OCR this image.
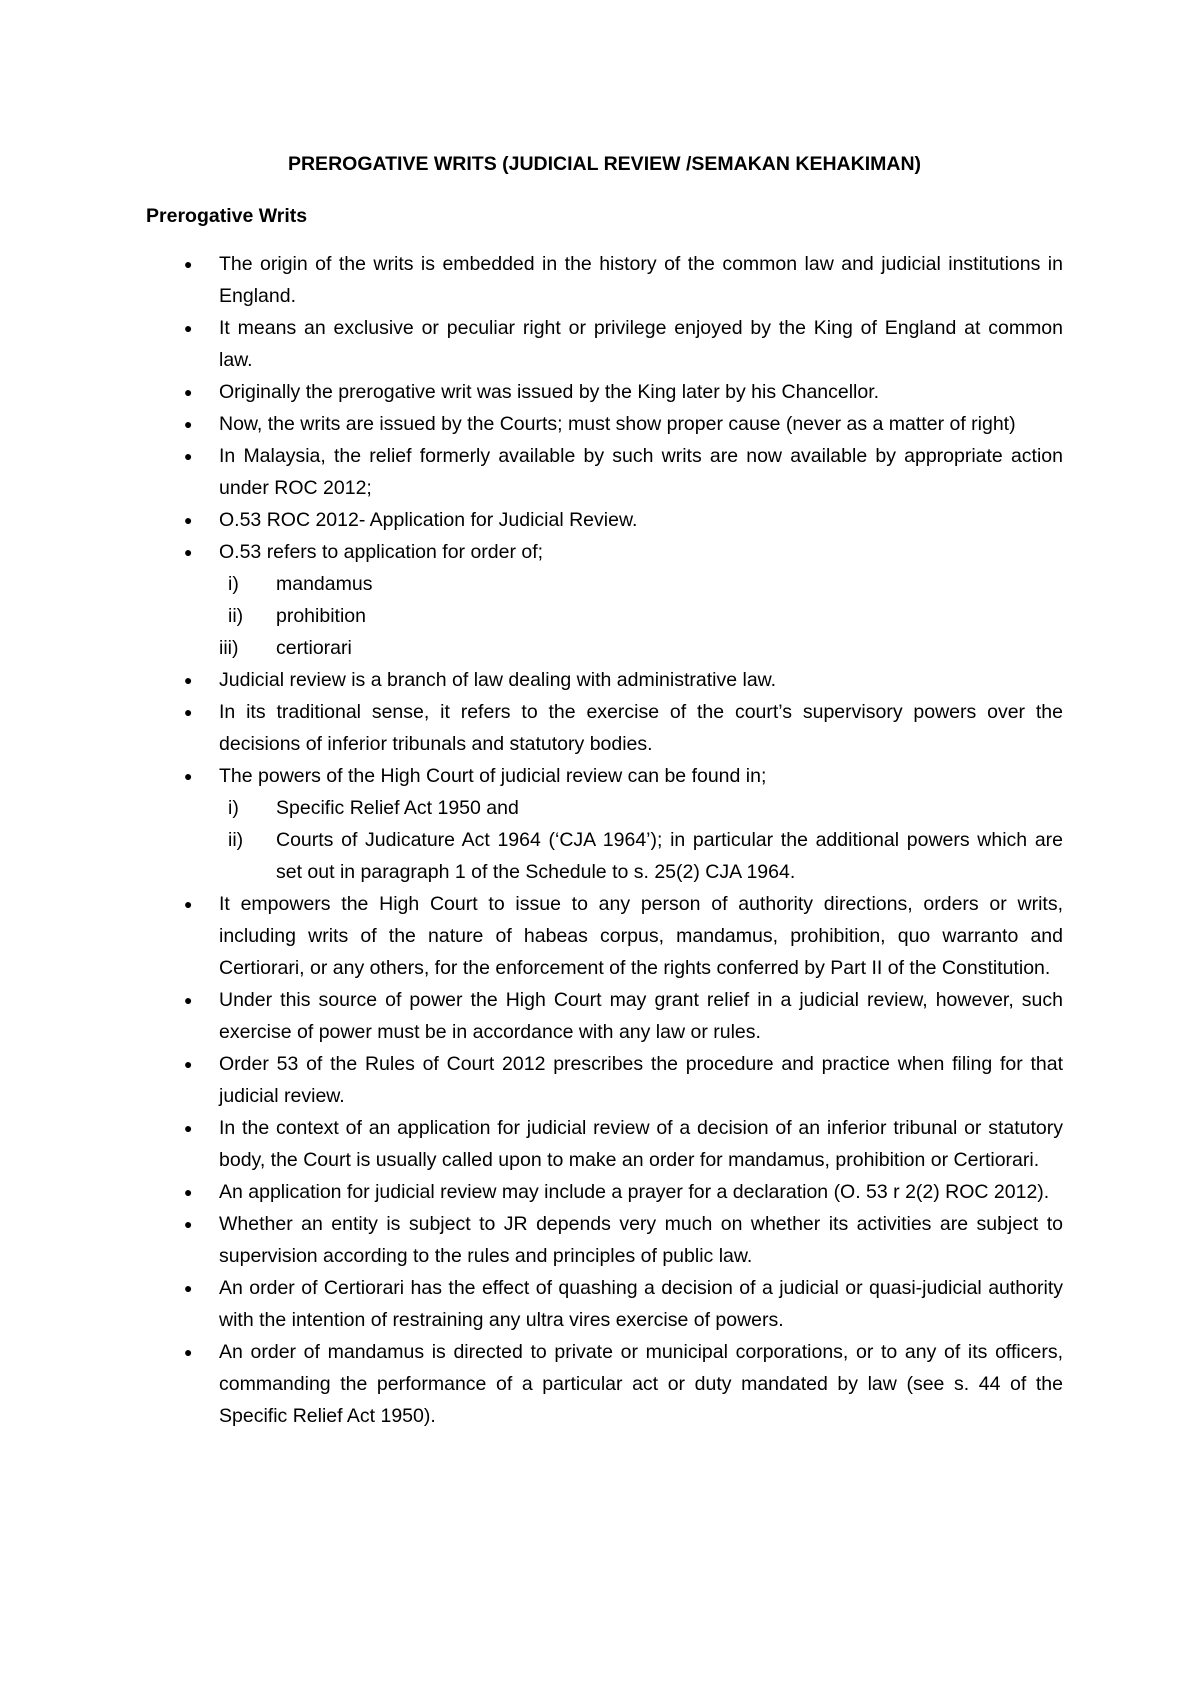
PREROGATIVE WRITS (JUDICIAL REVIEW /SEMAKAN KEHAKIMAN)
Prerogative Writs
● The origin of the writs is embedded in the history of the common law and judicial institutions in England.
● It means an exclusive or peculiar right or privilege enjoyed by the King of England at common law.
● Originally the prerogative writ was issued by the King later by his Chancellor.
● Now, the writs are issued by the Courts; must show proper cause (never as a matter of right)
● In Malaysia, the relief formerly available by such writs are now available by appropriate action under ROC 2012;
● O.53 ROC 2012- Application for Judicial Review.
● O.53 refers to application for order of;
i) mandamus
ii) prohibition
iii) certiorari
● Judicial review is a branch of law dealing with administrative law.
● In its traditional sense, it refers to the exercise of the court’s supervisory powers over the decisions of inferior tribunals and statutory bodies.
● The powers of the High Court of judicial review can be found in;
i) Specific Relief Act 1950 and
ii) Courts of Judicature Act 1964 (‘CJA 1964’); in particular the additional powers which are set out in paragraph 1 of the Schedule to s. 25(2) CJA 1964.
● It empowers the High Court to issue to any person of authority directions, orders or writs, including writs of the nature of habeas corpus, mandamus, prohibition, quo warranto and Certiorari, or any others, for the enforcement of the rights conferred by Part II of the Constitution.
● Under this source of power the High Court may grant relief in a judicial review, however, such exercise of power must be in accordance with any law or rules.
● Order 53 of the Rules of Court 2012 prescribes the procedure and practice when filing for that judicial review.
● In the context of an application for judicial review of a decision of an inferior tribunal or statutory body, the Court is usually called upon to make an order for mandamus, prohibition or Certiorari.
● An application for judicial review may include a prayer for a declaration (O. 53 r 2(2) ROC 2012).
● Whether an entity is subject to JR depends very much on whether its activities are subject to supervision according to the rules and principles of public law.
● An order of Certiorari has the effect of quashing a decision of a judicial or quasi-judicial authority with the intention of restraining any ultra vires exercise of powers.
● An order of mandamus is directed to private or municipal corporations, or to any of its officers, commanding the performance of a particular act or duty mandated by law (see s. 44 of the Specific Relief Act 1950).
